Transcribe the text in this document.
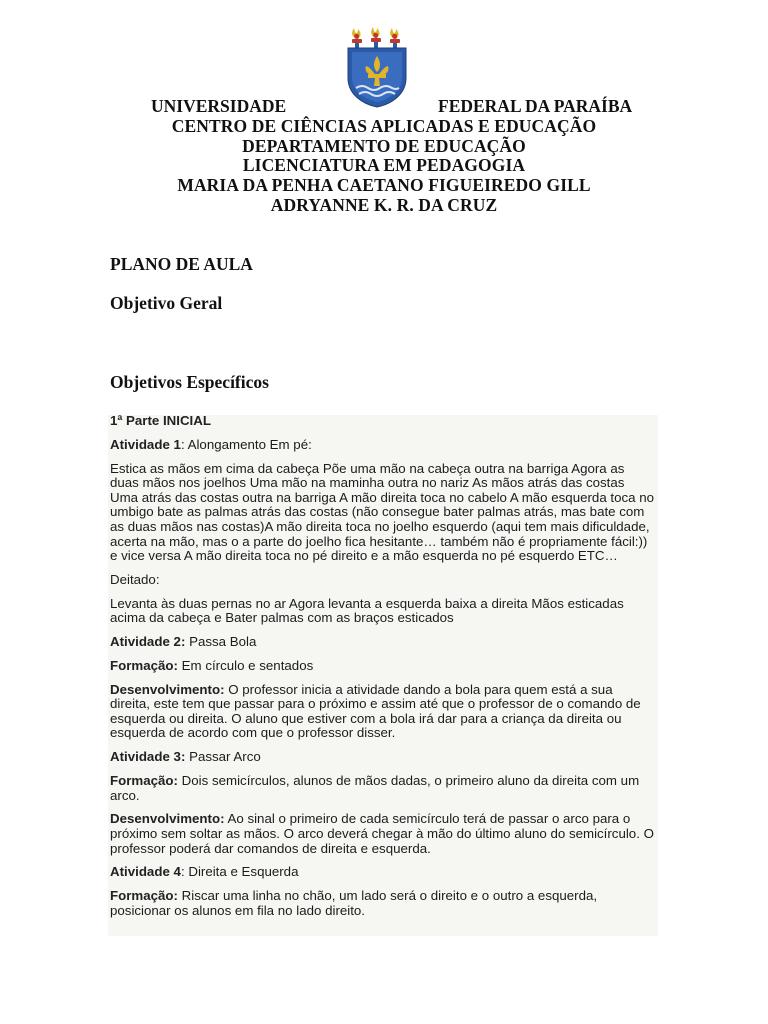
UNIVERSIDADE	FEDERAL DA PARAÍBA
CENTRO DE CIÊNCIAS APLICADAS E EDUCAÇÃO
DEPARTAMENTO DE EDUCAÇÃO
LICENCIATURA EM PEDAGOGIA
MARIA DA PENHA CAETANO FIGUEIREDO GILL
ADRYANNE K. R. DA CRUZ
PLANO DE AULA
Objetivo Geral
Objetivos Específicos

1ª Parte INICIAL

Atividade 1: Alongamento Em pé:

Estica as mãos em cima da cabeça Põe uma mão na cabeça outra na barriga Agora as duas mãos nos joelhos Uma mão na maminha outra no nariz As mãos atrás das costas Uma atrás das costas outra na barriga A mão direita toca no cabelo A mão esquerda toca no umbigo bate as palmas atrás das costas (não consegue bater palmas atrás, mas bate com as duas mãos nas costas)A mão direita toca no joelho esquerdo (aqui tem mais dificuldade, acerta na mão, mas o a parte do joelho fica hesitante… também não é propriamente fácil:)) e vice versa A mão direita toca no pé direito e a mão esquerda no pé esquerdo ETC…

Deitado:

Levanta às duas pernas no ar Agora levanta a esquerda baixa a direita Mãos esticadas acima da cabeça e Bater palmas com as braços esticados

Atividade 2: Passa Bola

Formação: Em círculo e sentados

Desenvolvimento: O professor inicia a atividade dando a bola para quem está a sua direita, este tem que passar para o próximo e assim até que o professor de o comando de esquerda ou direita. O aluno que estiver com a bola irá dar para a criança da direita ou esquerda de acordo com que o professor disser.

Atividade 3: Passar Arco

Formação: Dois semicírculos, alunos de mãos dadas, o primeiro aluno da direita com um arco.

Desenvolvimento: Ao sinal o primeiro de cada semicírculo terá de passar o arco para o próximo sem soltar as mãos. O arco deverá chegar à mão do último aluno do semicírculo. O professor poderá dar comandos de direita e esquerda.

Atividade 4: Direita e Esquerda

Formação: Riscar uma linha no chão, um lado será o direito e o outro a esquerda, posicionar os alunos em fila no lado direito.
